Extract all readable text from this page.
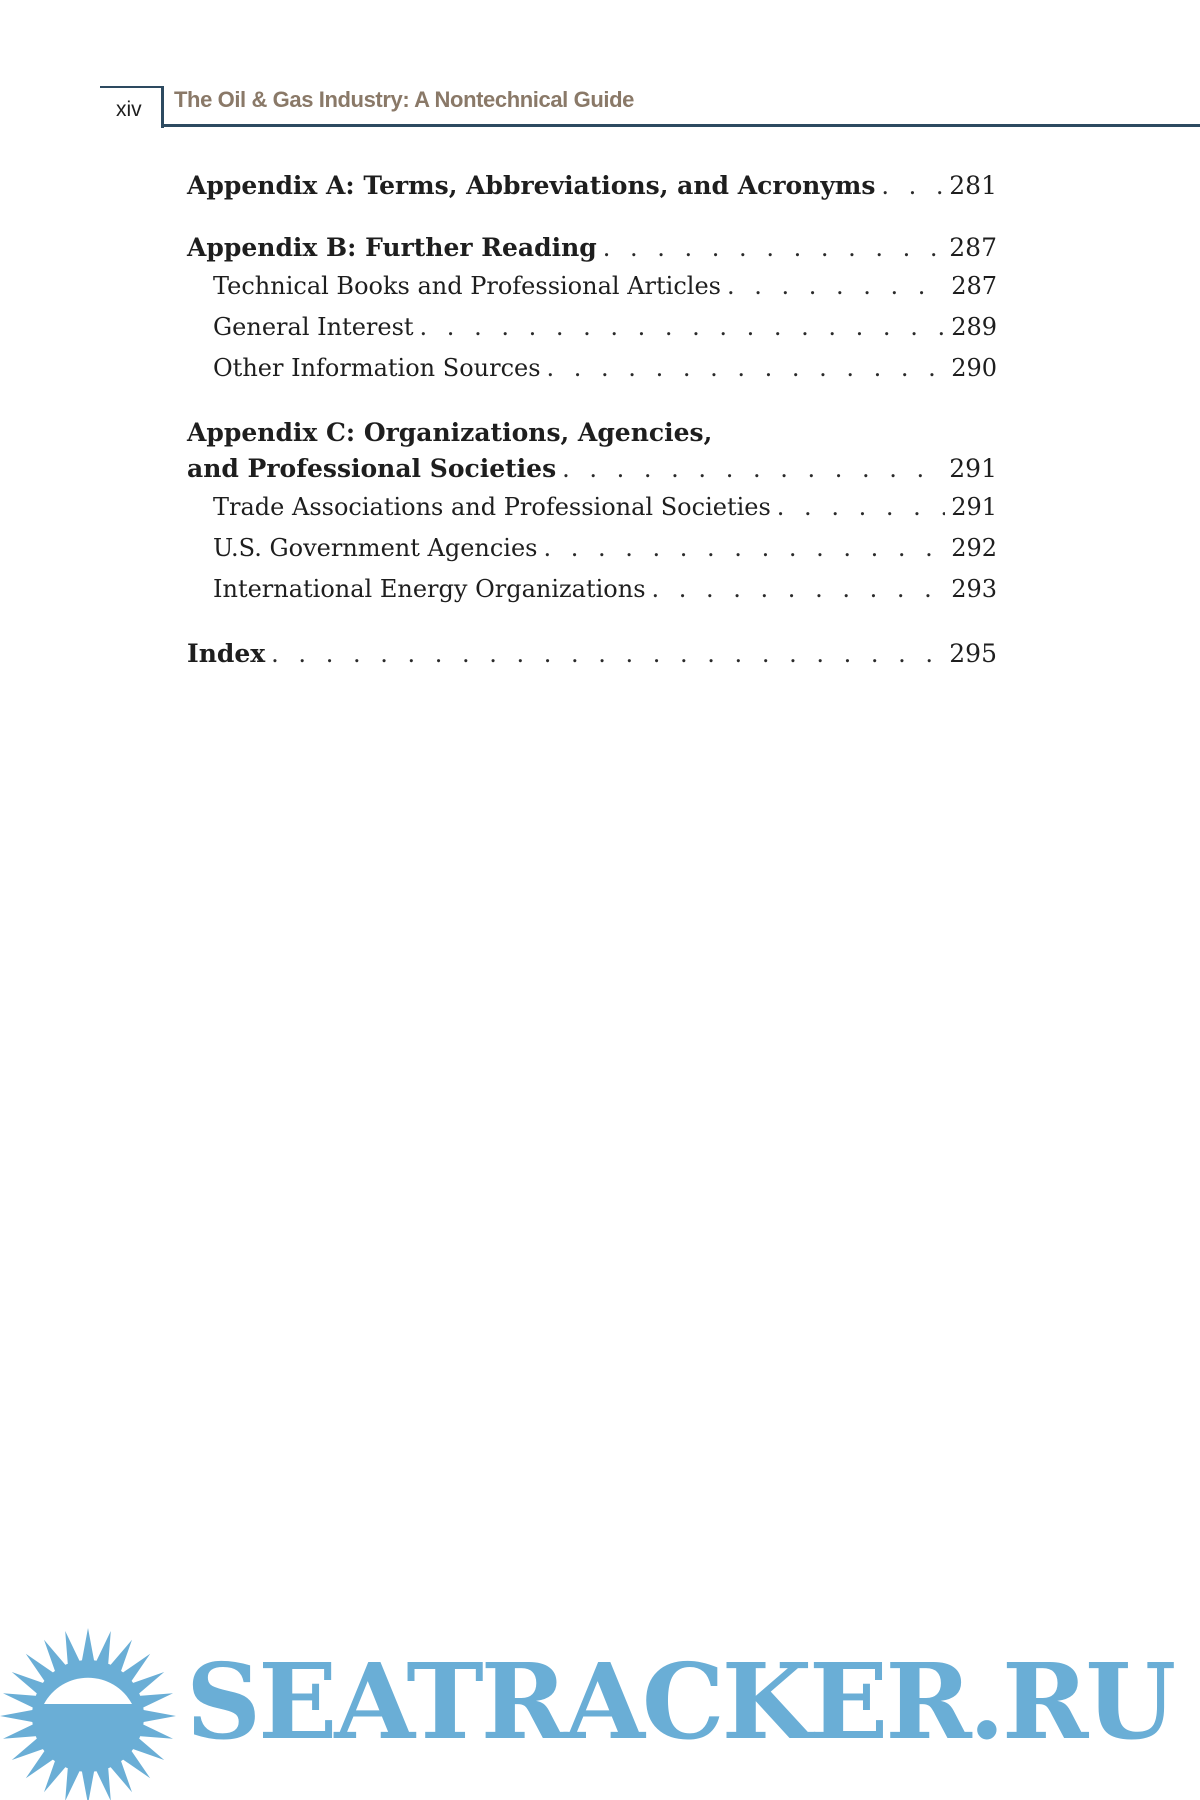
xiv The Oil & Gas Industry: A Nontechnical Guide
Appendix A: Terms, Abbreviations, and Acronyms . . .	281
Appendix B: Further Reading . . .	287
Technical Books and Professional Articles . . .	287
General Interest . . .	289
Other Information Sources . . .	290
Appendix C: Organizations, Agencies,
and Professional Societies . . .	291
Trade Associations and Professional Societies . . .	291
U.S. Government Agencies . . .	292
International Energy Organizations . . .	293
Index . . .	295
SEATRACKER.RU
